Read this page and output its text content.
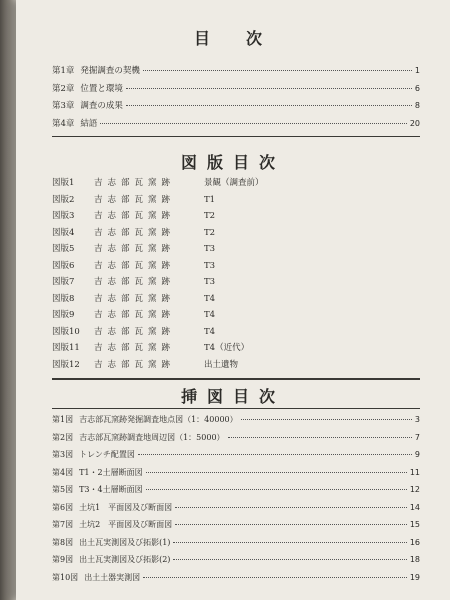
目　次
第1章 発掘調査の契機	1
第2章 位置と環境	6
第3章 調査の成果	8
第4章 結語	20
図版目次
図版1	吉志部瓦窯跡	景観（調査前）
図版2	吉志部瓦窯跡	T1
図版3	吉志部瓦窯跡	T2
図版4	吉志部瓦窯跡	T2
図版5	吉志部瓦窯跡	T3
図版6	吉志部瓦窯跡	T3
図版7	吉志部瓦窯跡	T3
図版8	吉志部瓦窯跡	T4
図版9	吉志部瓦窯跡	T4
図版10	吉志部瓦窯跡	T4
図版11	吉志部瓦窯跡	T4（近代）
図版12	吉志部瓦窯跡	出土遺物
挿図目次
第1図 吉志部瓦窯跡発掘調査地点図（1：40000）	3
第2図 吉志部瓦窯跡調査地周辺図（1：5000）	7
第3図 トレンチ配置図	9
第4図 T1・2土層断面図	11
第5図 T3・4土層断面図	12
第6図 土坑1　平面図及び断面図	14
第7図 土坑2　平面図及び断面図	15
第8図 出土瓦実測図及び拓影(1)	16
第9図 出土瓦実測図及び拓影(2)	18
第10図 出土土器実測図	19
